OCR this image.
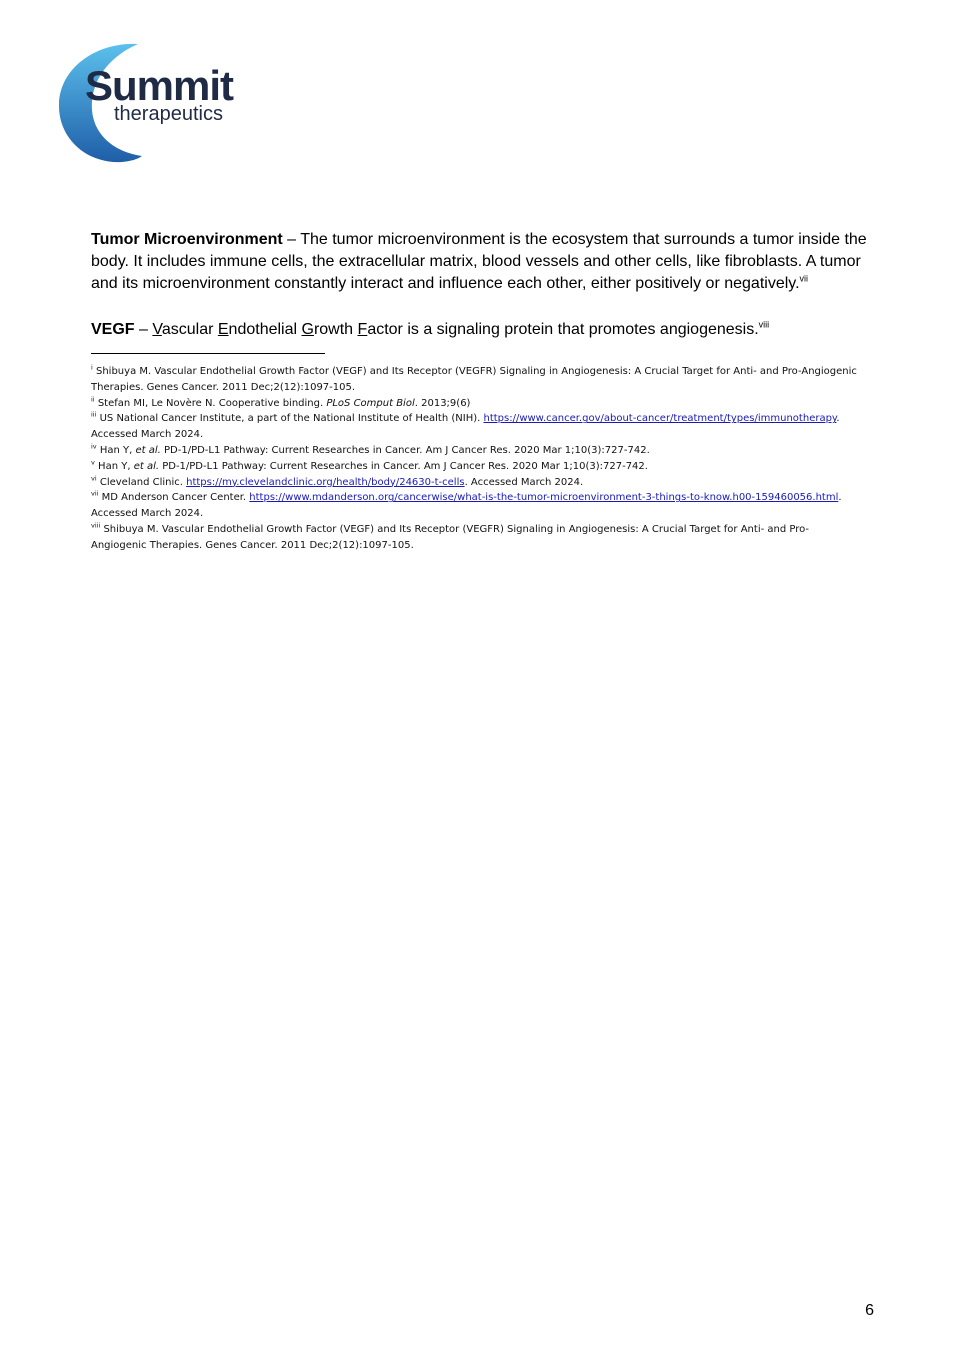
Summit
therapeutics
Tumor Microenvironment – The tumor microenvironment is the ecosystem that surrounds a tumor inside the body. It includes immune cells, the extracellular matrix, blood vessels and other cells, like fibroblasts. A tumor and its microenvironment constantly interact and influence each other, either positively or negatively.$^{vii}$
VEGF – Vascular Endothelial Growth Factor is a signaling protein that promotes angiogenesis.$^{viii}$
$^i$ Shibuya M. Vascular Endothelial Growth Factor (VEGF) and Its Receptor (VEGFR) Signaling in Angiogenesis: A Crucial Target for Anti- and Pro-Angiogenic Therapies. Genes Cancer. 2011 Dec;2(12):1097-105.
$^{ii}$ Stefan MI, Le Novère N. Cooperative binding. PLoS Comput Biol. 2013;9(6)
$^{iii}$ US National Cancer Institute, a part of the National Institute of Health (NIH). https://www.cancer.gov/about-cancer/treatment/types/immunotherapy. Accessed March 2024.
$^{iv}$ Han Y, et al. PD-1/PD-L1 Pathway: Current Researches in Cancer. Am J Cancer Res. 2020 Mar 1;10(3):727-742.
$^v$ Han Y, et al. PD-1/PD-L1 Pathway: Current Researches in Cancer. Am J Cancer Res. 2020 Mar 1;10(3):727-742.
$^{vi}$ Cleveland Clinic. https://my.clevelandclinic.org/health/body/24630-t-cells. Accessed March 2024.
$^{vii}$ MD Anderson Cancer Center. https://www.mdanderson.org/cancerwise/what-is-the-tumor-microenvironment-3-things-to-know.h00-159460056.html. Accessed March 2024.
$^{viii}$ Shibuya M. Vascular Endothelial Growth Factor (VEGF) and Its Receptor (VEGFR) Signaling in Angiogenesis: A Crucial Target for Anti- and Pro-Angiogenic Therapies. Genes Cancer. 2011 Dec;2(12):1097-105.
6
